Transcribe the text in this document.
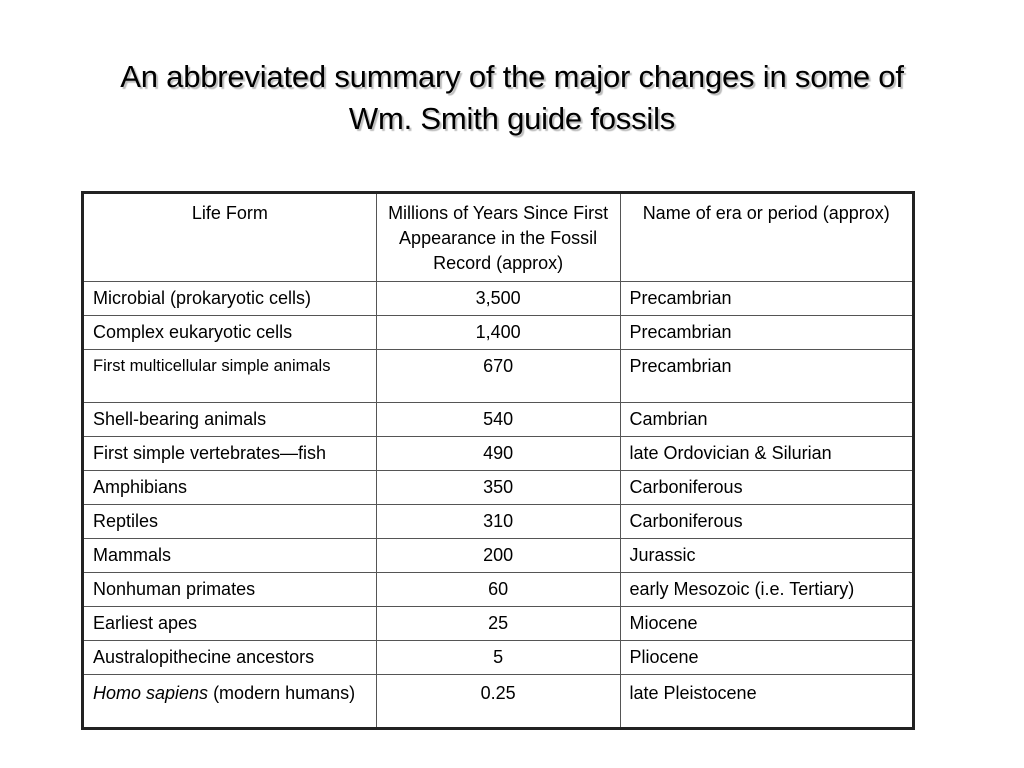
An abbreviated summary of the major changes in some of
Wm. Smith guide fossils
Life Form	Millions of Years Since First Appearance in the Fossil Record (approx)	Name of era or period (approx)
Microbial (prokaryotic cells)	3,500	Precambrian
Complex eukaryotic cells	1,400	Precambrian
First multicellular simple animals	670	Precambrian
Shell-bearing animals	540	Cambrian
First simple vertebrates—fish	490	late Ordovician & Silurian
Amphibians	350	Carboniferous
Reptiles	310	Carboniferous
Mammals	200	Jurassic
Nonhuman primates	60	early Mesozoic (i.e. Tertiary)
Earliest apes	25	Miocene
Australopithecine ancestors	5	Pliocene
Homo sapiens (modern humans)	0.25	late Pleistocene
